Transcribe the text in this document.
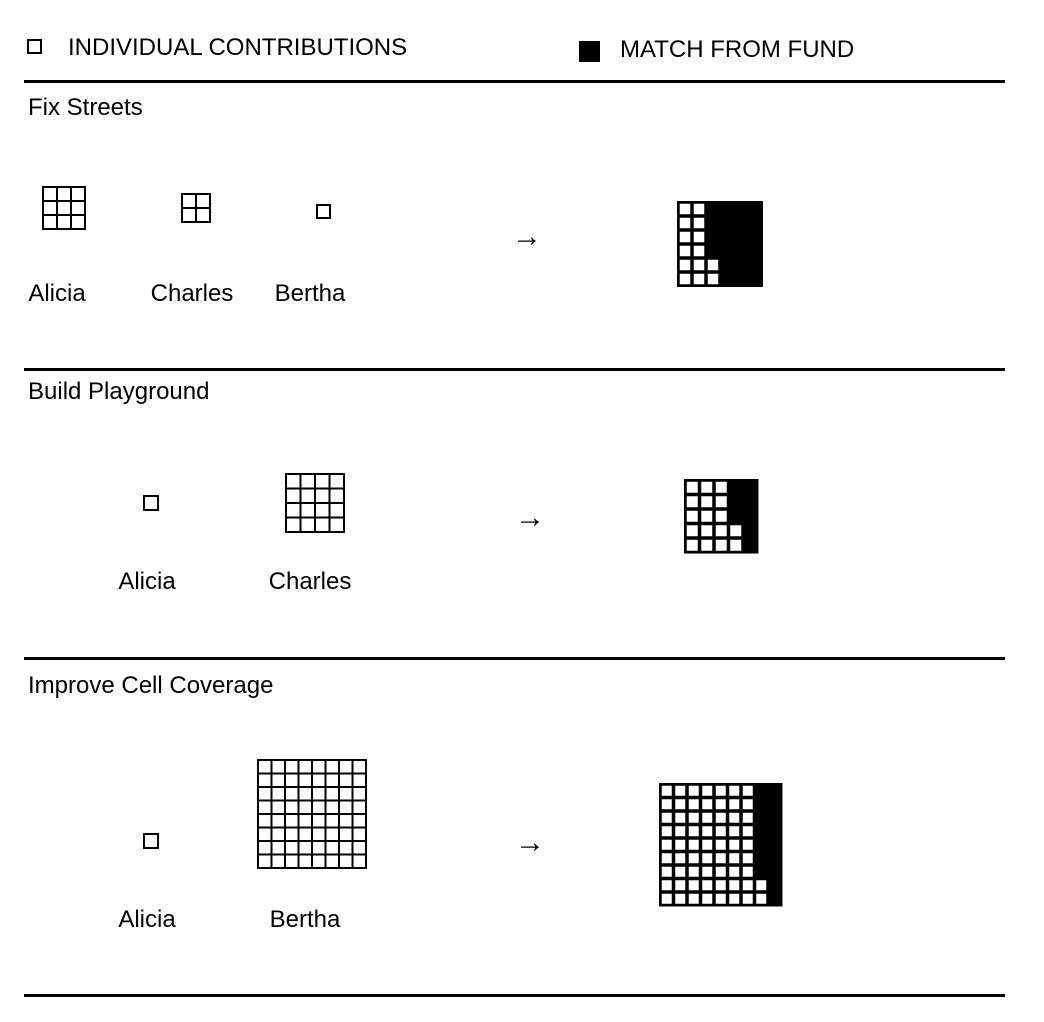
INDIVIDUAL CONTRIBUTIONS	MATCH FROM FUND
Fix Streets
Alicia	Charles Bertha
→
Build Playground
Alicia	Charles
→
Improve Cell Coverage
Alicia	Bertha
→
